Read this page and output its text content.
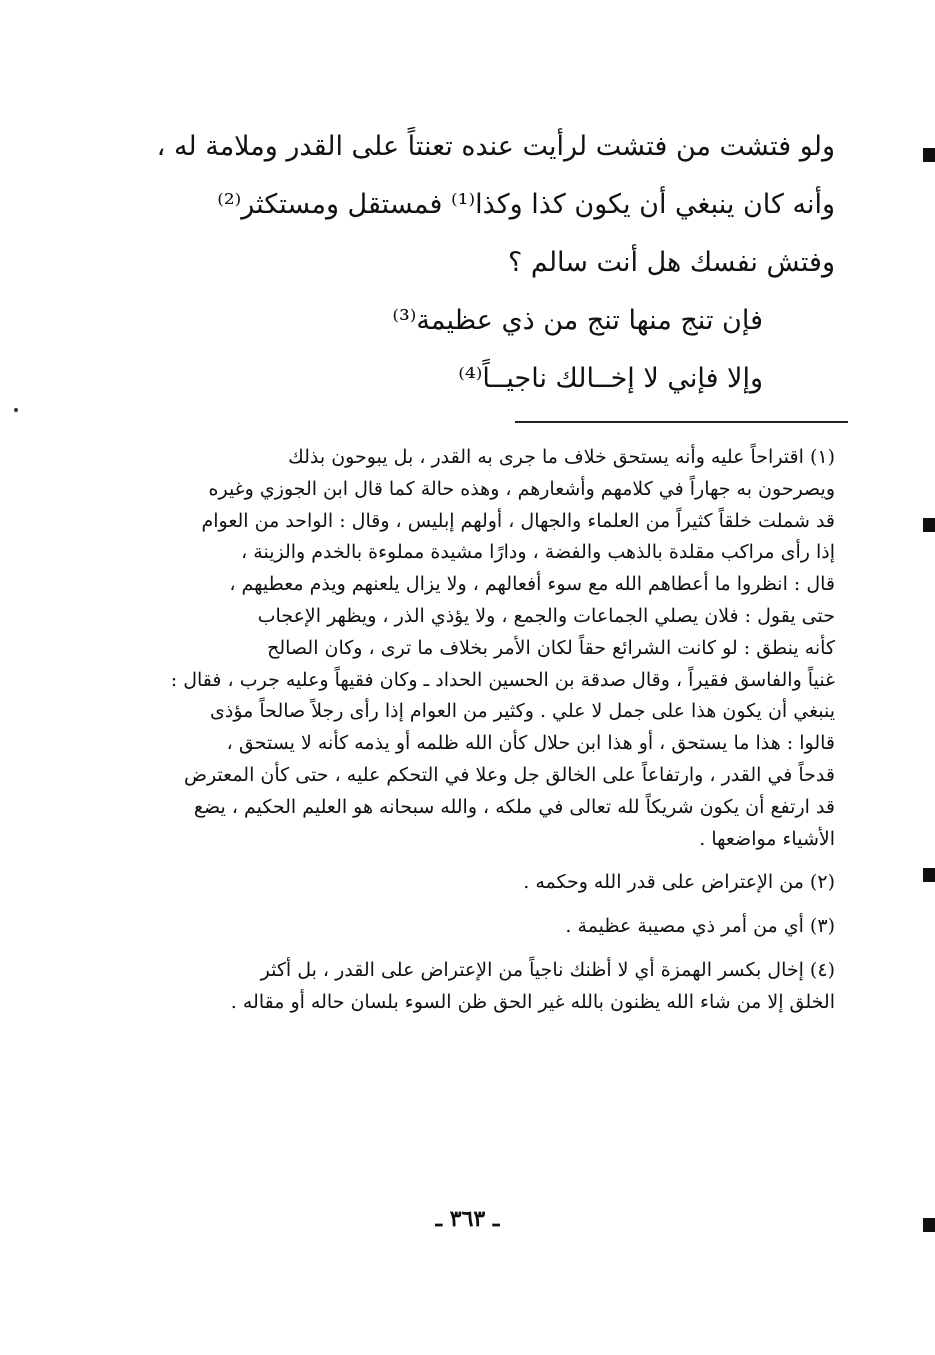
ولو فتشت من فتشت لرأيت عنده تعنتاً على القدر وملامة له ،
وأنه كان ينبغي أن يكون كذا وكذا⁽¹⁾ فمستقل ومستكثر⁽²⁾
وفتش نفسك هل أنت سالم ؟
فإن تنج منها تنج من ذي عظيمة⁽³⁾
وإلا فإني لا إخــالك ناجيــاً⁽⁴⁾
(١) اقتراحاً عليه وأنه يستحق خلاف ما جرى به القدر ، بل يبوحون بذلك
ويصرحون به جهاراً في كلامهم وأشعارهم ، وهذه حالة كما قال ابن الجوزي وغيره
قد شملت خلقاً كثيراً من العلماء والجهال ، أولهم إبليس ، وقال : الواحد من العوام
إذا رأى مراكب مقلدة بالذهب والفضة ، ودارًا مشيدة مملوءة بالخدم والزينة ،
قال : انظروا ما أعطاهم الله مع سوء أفعالهم ، ولا يزال يلعنهم ويذم معطيهم ،
حتى يقول : فلان يصلي الجماعات والجمع ، ولا يؤذي الذر ، ويظهر الإعجاب
كأنه ينطق : لو كانت الشرائع حقاً لكان الأمر بخلاف ما ترى ، وكان الصالح
غنياً والفاسق فقيراً ، وقال صدقة بن الحسين الحداد ـ وكان فقيهاً وعليه جرب ، فقال :
ينبغي أن يكون هذا على جمل لا علي . وكثير من العوام إذا رأى رجلاً صالحاً مؤذى
قالوا : هذا ما يستحق ، أو هذا ابن حلال كأن الله ظلمه أو يذمه كأنه لا يستحق ،
قدحاً في القدر ، وارتفاعاً على الخالق جل وعلا في التحكم عليه ، حتى كأن المعترض
قد ارتفع أن يكون شريكاً لله تعالى في ملكه ، والله سبحانه هو العليم الحكيم ، يضع
الأشياء مواضعها .
(٢) من الإعتراض على قدر الله وحكمه .
(٣) أي من أمر ذي مصيبة عظيمة .
(٤) إخال بكسر الهمزة أي لا أظنك ناجياً من الإعتراض على القدر ، بل أكثر
الخلق إلا من شاء الله يظنون بالله غير الحق ظن السوء بلسان حاله أو مقاله .
ـ ٣٦٣ ـ
